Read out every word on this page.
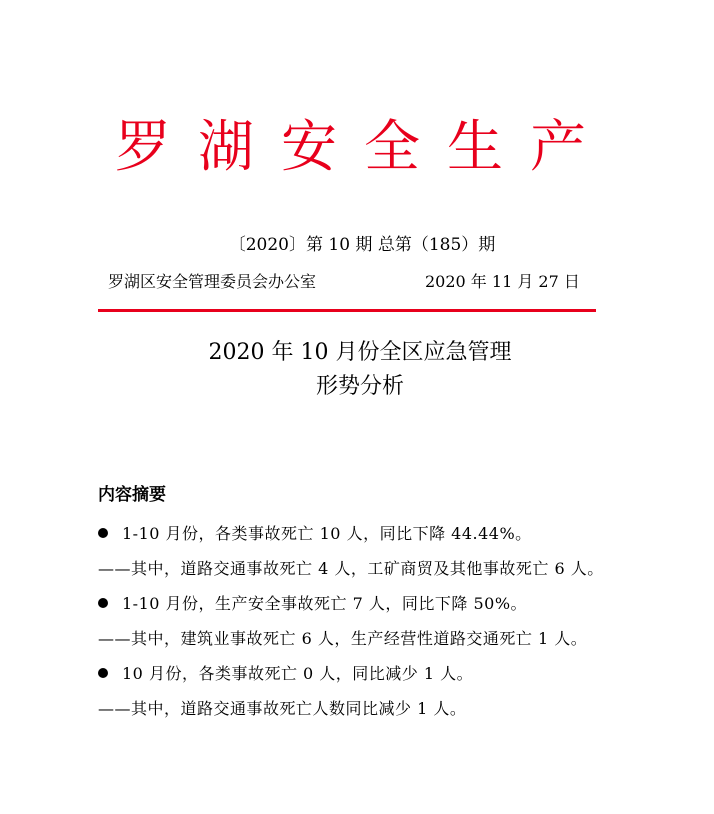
罗湖安全生产
〔2020〕第 10 期 总第（185）期
罗湖区安全管理委员会办公室	2020 年 11 月 27 日
2020 年 10 月份全区应急管理
形势分析
内容摘要

1-10 月份，各类事故死亡 10 人，同比下降 44.44%。

——其中，道路交通事故死亡 4 人，工矿商贸及其他事故死亡 6 人。

1-10 月份，生产安全事故死亡 7 人，同比下降 50%。

——其中，建筑业事故死亡 6 人，生产经营性道路交通死亡 1 人。

10 月份，各类事故死亡 0 人，同比减少 1 人。

——其中，道路交通事故死亡人数同比减少 1 人。
